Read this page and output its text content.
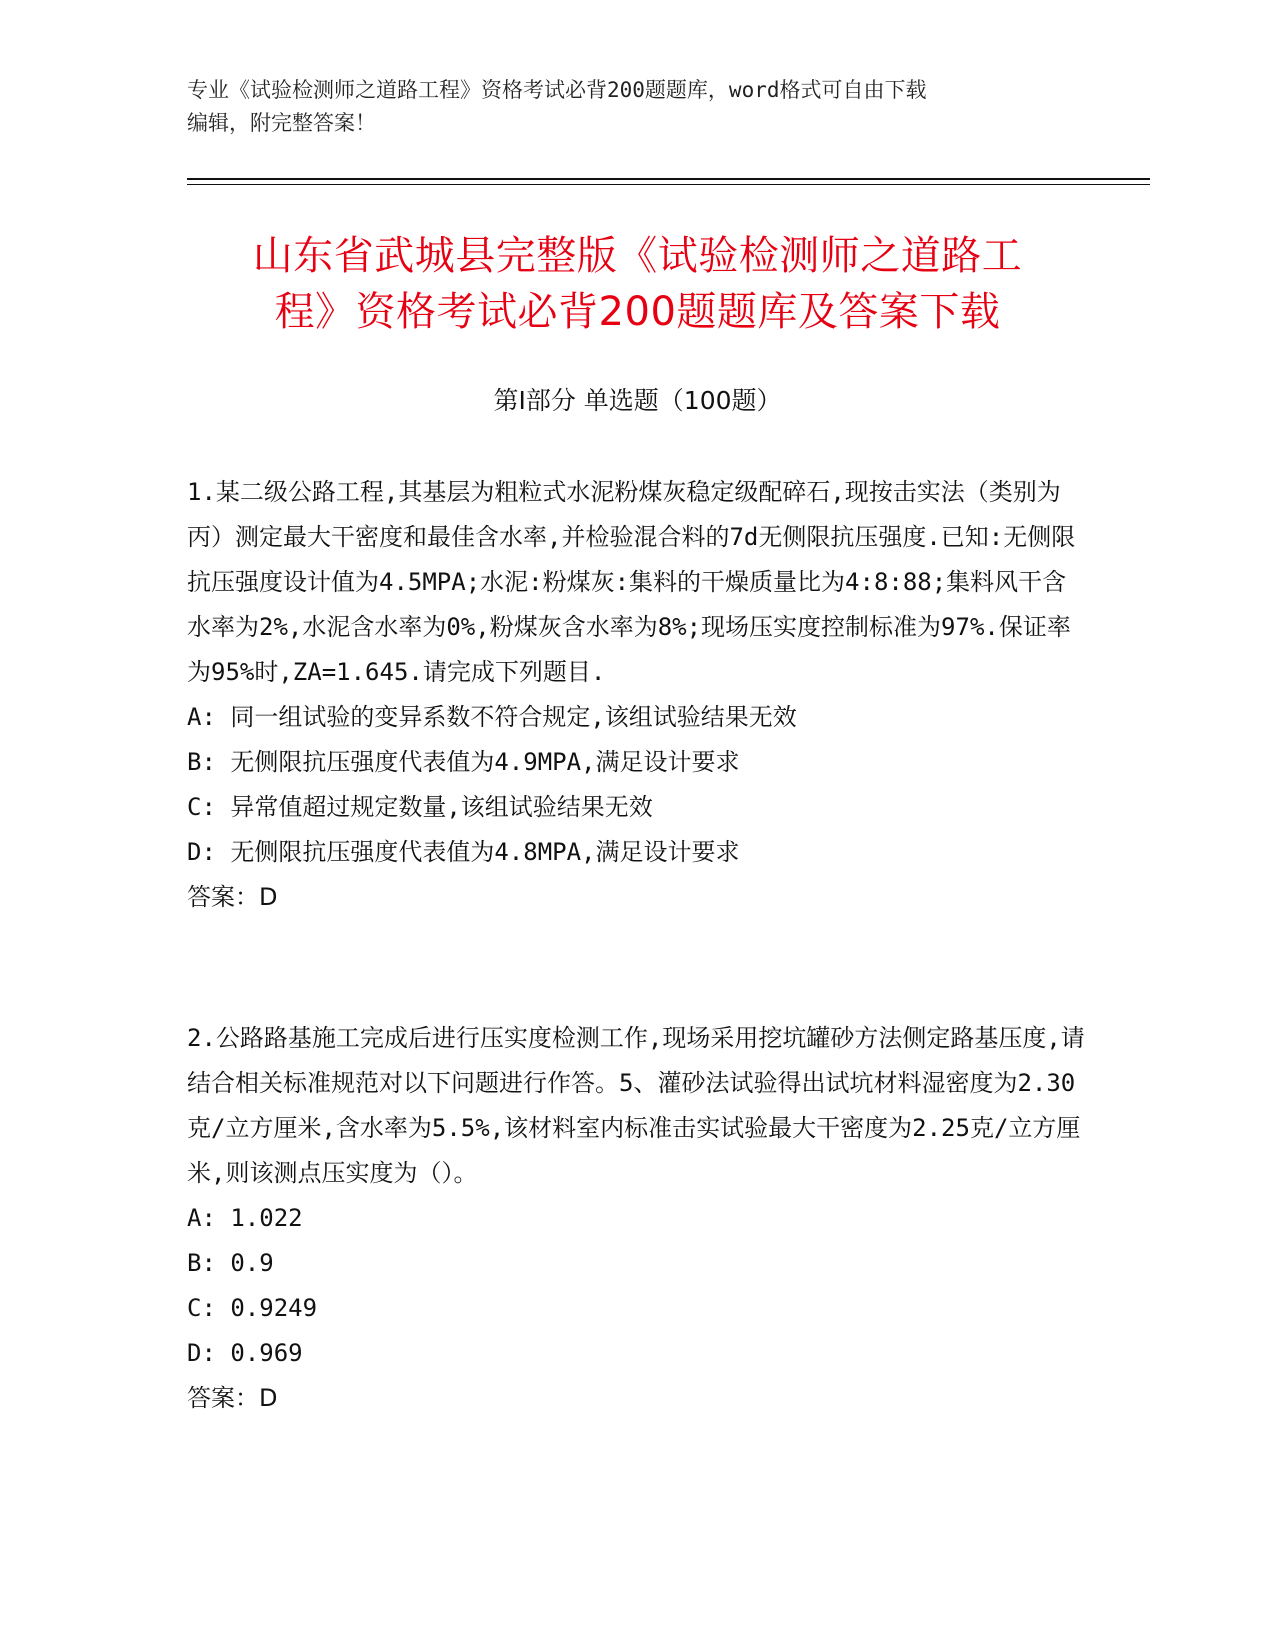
专业《试验检测师之道路工程》资格考试必背200题题库，word格式可自由下载
编辑，附完整答案！
山东省武城县完整版《试验检测师之道路工
程》资格考试必背200题题库及答案下载
第Ⅰ部分 单选题（100题）
1.某二级公路工程,其基层为粗粒式水泥粉煤灰稳定级配碎石,现按击实法（类别为丙）测定最大干密度和最佳含水率,并检验混合料的7d无侧限抗压强度.已知:无侧限抗压强度设计值为4.5MPA;水泥:粉煤灰:集料的干燥质量比为4:8:88;集料风干含水率为2%,水泥含水率为0%,粉煤灰含水率为8%;现场压实度控制标准为97%.保证率为95%时,ZA=1.645.请完成下列题目.
A: 同一组试验的变异系数不符合规定,该组试验结果无效
B: 无侧限抗压强度代表值为4.9MPA,满足设计要求
C: 异常值超过规定数量,该组试验结果无效
D: 无侧限抗压强度代表值为4.8MPA,满足设计要求
答案：D
2.公路路基施工完成后进行压实度检测工作,现场采用挖坑罐砂方法侧定路基压度,请结合相关标准规范对以下问题进行作答。5、灌砂法试验得出试坑材料湿密度为2.30克/立方厘米,含水率为5.5%,该材料室内标准击实试验最大干密度为2.25克/立方厘米,则该测点压实度为（）。
A: 1.022
B: 0.9
C: 0.9249
D: 0.969
答案：D
